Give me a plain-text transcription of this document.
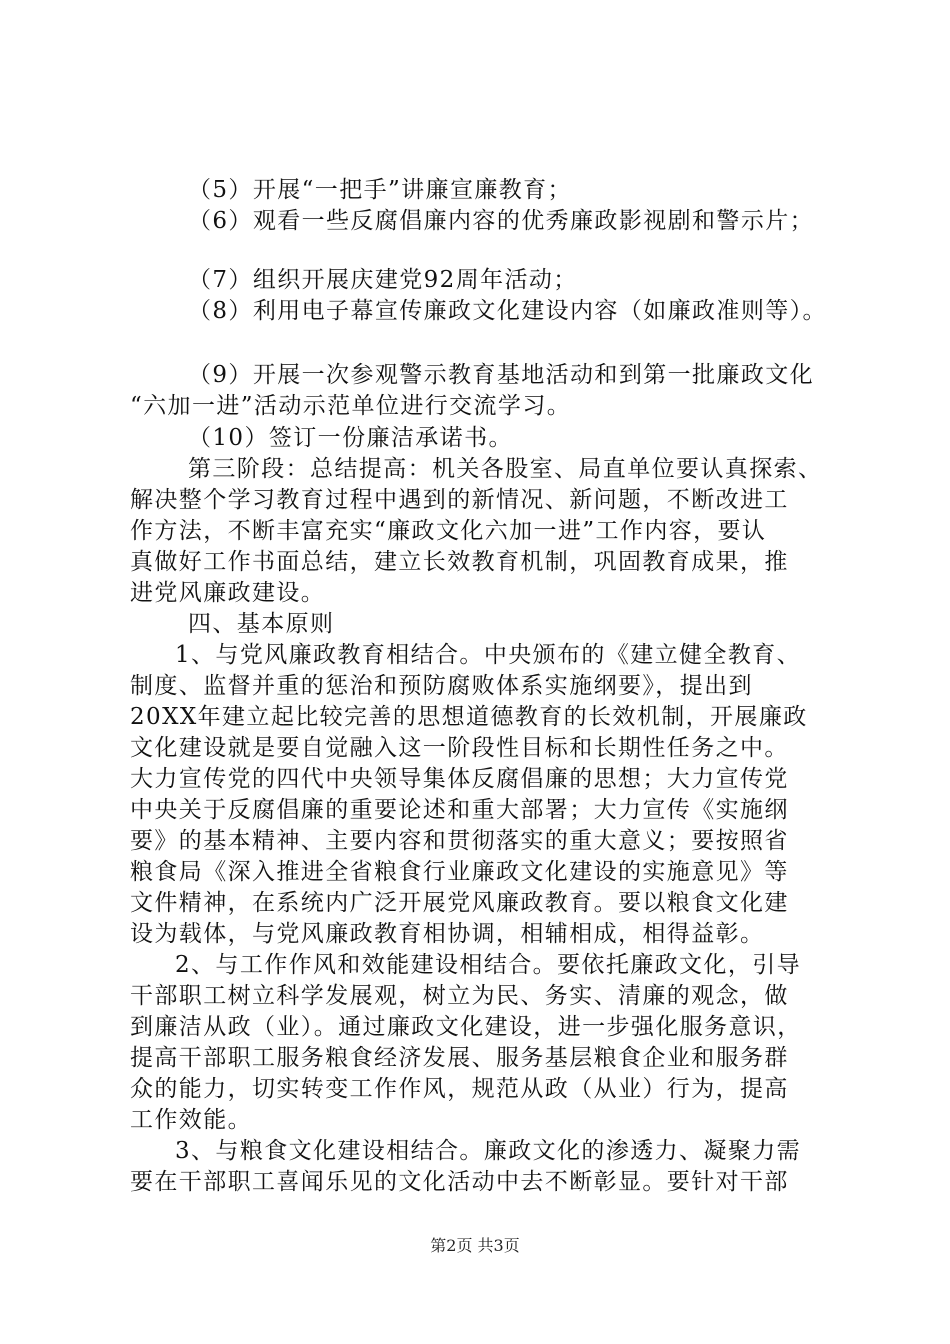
（5）开展“一把手”讲廉宣廉教育；
（6）观看一些反腐倡廉内容的优秀廉政影视剧和警示片；
（7）组织开展庆建党92周年活动；
（8）利用电子幕宣传廉政文化建设内容（如廉政准则等）。
（9）开展一次参观警示教育基地活动和到第一批廉政文化
“六加一进”活动示范单位进行交流学习。
（10）签订一份廉洁承诺书。
第三阶段：总结提高：机关各股室、局直单位要认真探索、
解决整个学习教育过程中遇到的新情况、新问题，不断改进工
作方法，不断丰富充实“廉政文化六加一进”工作内容，要认
真做好工作书面总结，建立长效教育机制，巩固教育成果，推
进党风廉政建设。
四、基本原则
1、与党风廉政教育相结合。中央颁布的《建立健全教育、
制度、监督并重的惩治和预防腐败体系实施纲要》，提出到
20XX年建立起比较完善的思想道德教育的长效机制，开展廉政
文化建设就是要自觉融入这一阶段性目标和长期性任务之中。
大力宣传党的四代中央领导集体反腐倡廉的思想；大力宣传党
中央关于反腐倡廉的重要论述和重大部署；大力宣传《实施纲
要》的基本精神、主要内容和贯彻落实的重大意义；要按照省
粮食局《深入推进全省粮食行业廉政文化建设的实施意见》等
文件精神，在系统内广泛开展党风廉政教育。要以粮食文化建
设为载体，与党风廉政教育相协调，相辅相成，相得益彰。
2、与工作作风和效能建设相结合。要依托廉政文化，引导
干部职工树立科学发展观，树立为民、务实、清廉的观念，做
到廉洁从政（业）。通过廉政文化建设，进一步强化服务意识，
提高干部职工服务粮食经济发展、服务基层粮食企业和服务群
众的能力，切实转变工作作风，规范从政（从业）行为，提高
工作效能。
3、与粮食文化建设相结合。廉政文化的渗透力、凝聚力需
要在干部职工喜闻乐见的文化活动中去不断彰显。要针对干部
第2页 共3页
